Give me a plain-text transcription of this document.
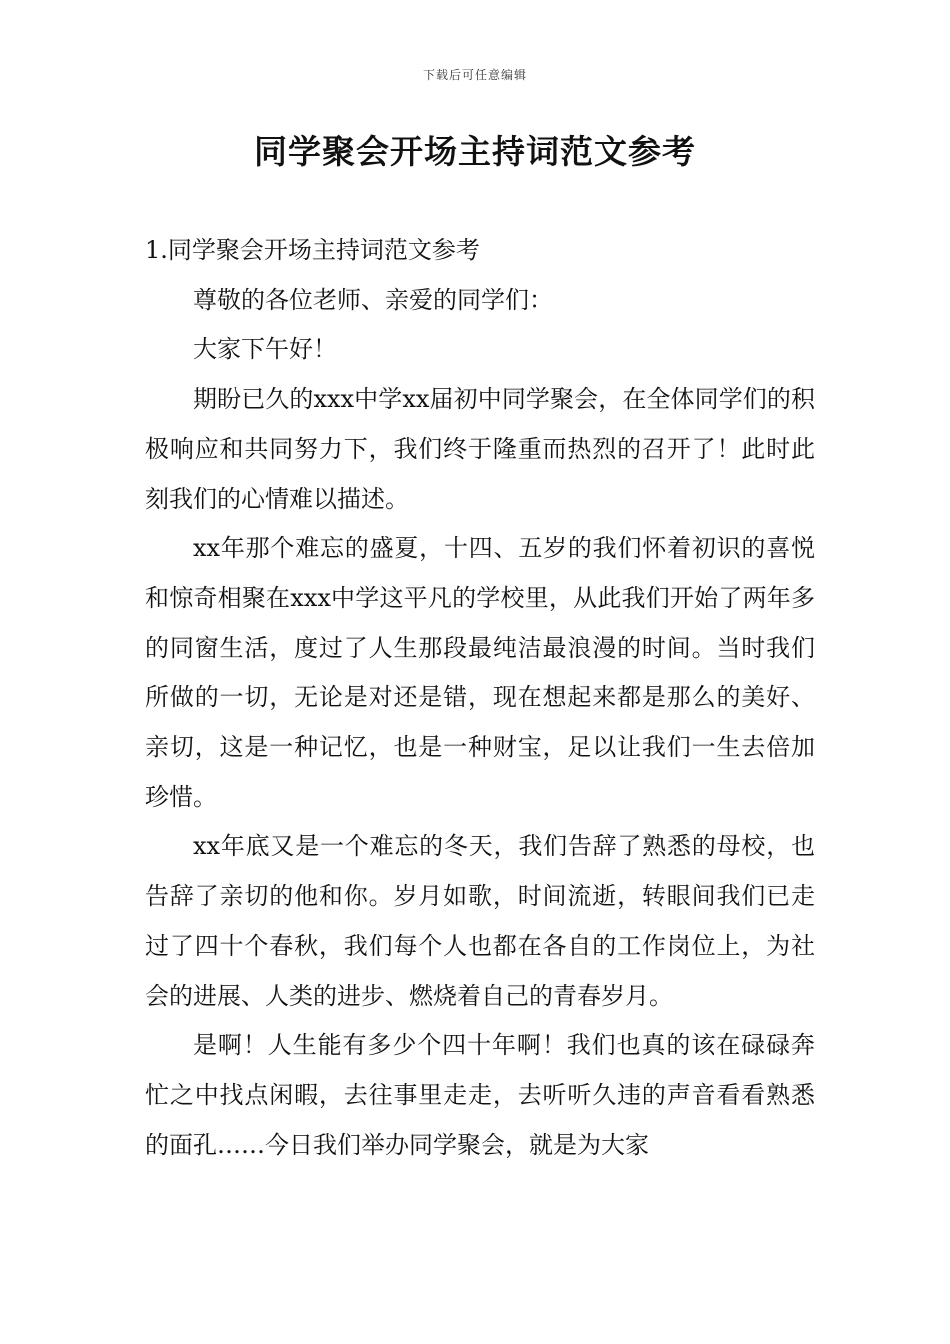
下载后可任意编辑
同学聚会开场主持词范文参考

1.同学聚会开场主持词范文参考

尊敬的各位老师、亲爱的同学们：

大家下午好！

期盼已久的xxx中学xx届初中同学聚会，在全体同学们的积极响应和共同努力下，我们终于隆重而热烈的召开了！此时此刻我们的心情难以描述。

xx年那个难忘的盛夏，十四、五岁的我们怀着初识的喜悦和惊奇相聚在xxx中学这平凡的学校里，从此我们开始了两年多的同窗生活，度过了人生那段最纯洁最浪漫的时间。当时我们所做的一切，无论是对还是错，现在想起来都是那么的美好、亲切，这是一种记忆，也是一种财宝，足以让我们一生去倍加珍惜。

xx年底又是一个难忘的冬天，我们告辞了熟悉的母校，也告辞了亲切的他和你。岁月如歌，时间流逝，转眼间我们已走过了四十个春秋，我们每个人也都在各自的工作岗位上，为社会的进展、人类的进步、燃烧着自己的青春岁月。

是啊！人生能有多少个四十年啊！我们也真的该在碌碌奔忙之中找点闲暇，去往事里走走，去听听久违的声音看看熟悉的面孔……今日我们举办同学聚会，就是为大家
